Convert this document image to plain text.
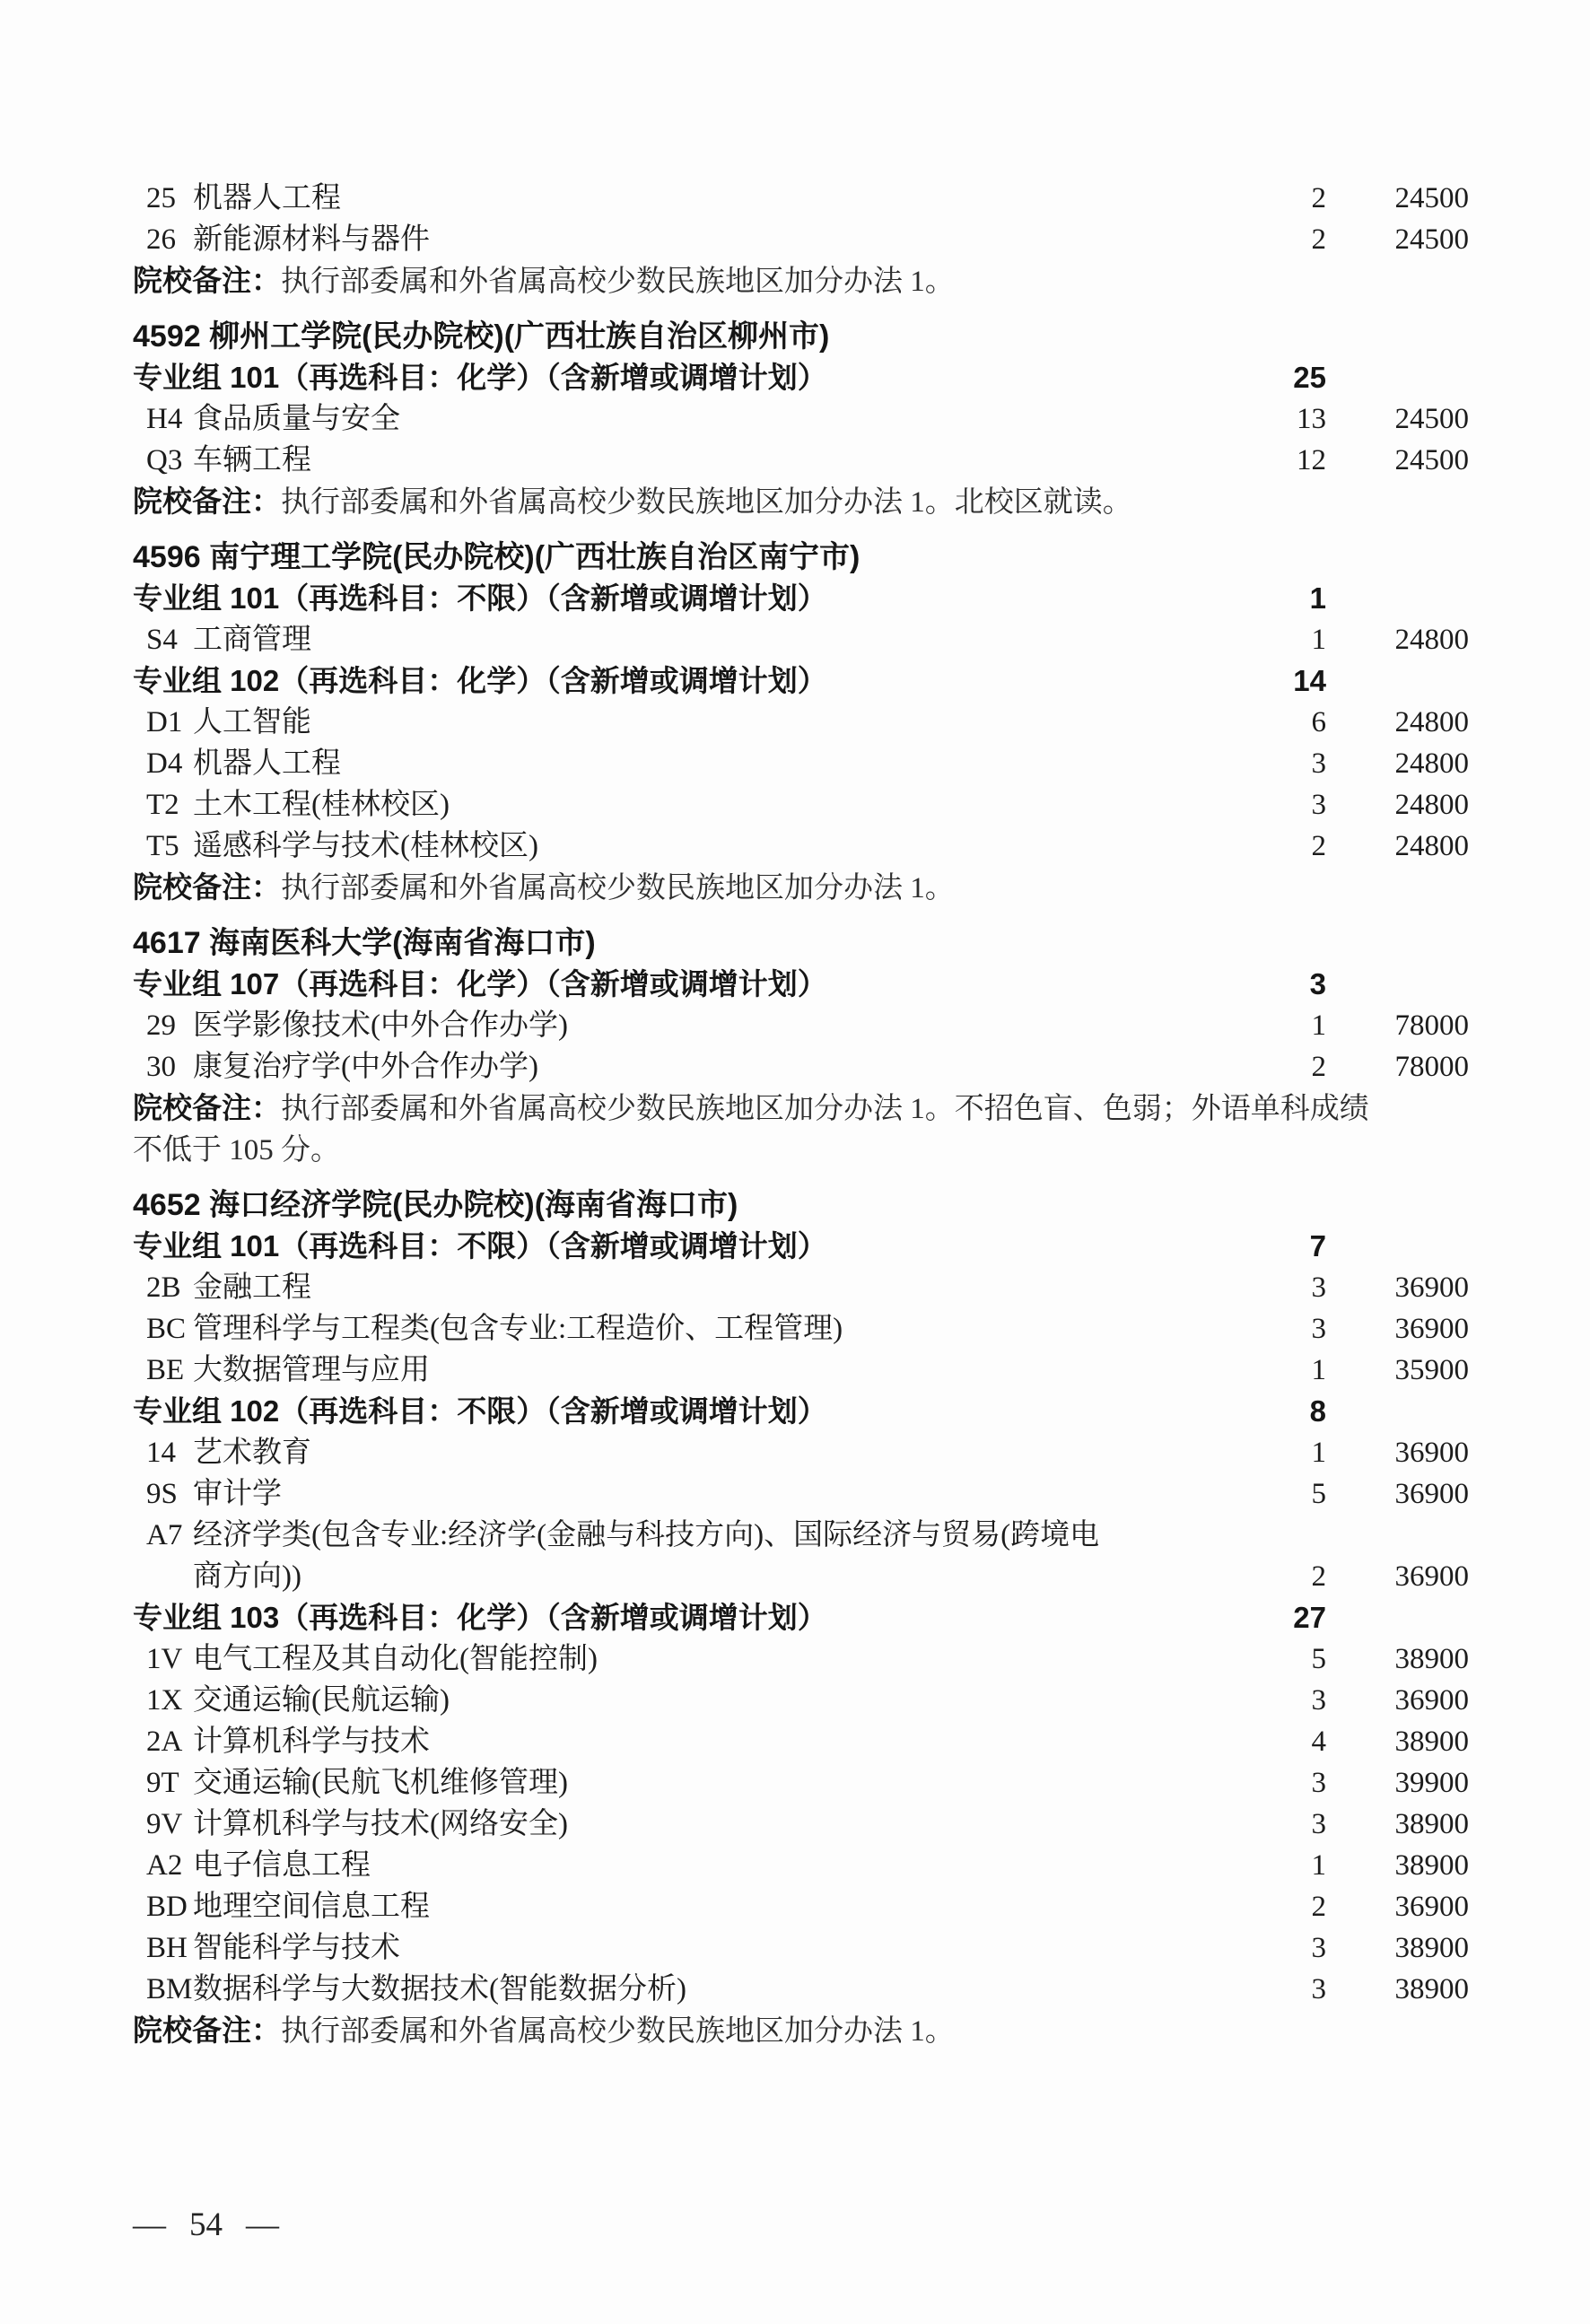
25 机器人工程	2	24500
26 新能源材料与器件	2	24500
院校备注：执行部委属和外省属高校少数民族地区加分办法 1。
4592 柳州工学院(民办院校)(广西壮族自治区柳州市)
专业组 101（再选科目：化学）（含新增或调增计划）	25
H4 食品质量与安全	13	24500
Q3 车辆工程	12	24500
院校备注：执行部委属和外省属高校少数民族地区加分办法 1。北校区就读。
4596 南宁理工学院(民办院校)(广西壮族自治区南宁市)
专业组 101（再选科目：不限）（含新增或调增计划）	1
S4 工商管理	1	24800
专业组 102（再选科目：化学）（含新增或调增计划）	14
D1 人工智能	6	24800
D4 机器人工程	3	24800
T2 土木工程(桂林校区)	3	24800
T5 遥感科学与技术(桂林校区)	2	24800
院校备注：执行部委属和外省属高校少数民族地区加分办法 1。
4617 海南医科大学(海南省海口市)
专业组 107（再选科目：化学）（含新增或调增计划）	3
29 医学影像技术(中外合作办学)	1	78000
30 康复治疗学(中外合作办学)	2	78000
院校备注：执行部委属和外省属高校少数民族地区加分办法 1。不招色盲、色弱；外语单科成绩
不低于 105 分。
4652 海口经济学院(民办院校)(海南省海口市)
专业组 101（再选科目：不限）（含新增或调增计划）	7
2B 金融工程	3	36900
BC 管理科学与工程类(包含专业:工程造价、工程管理)	3	36900
BE 大数据管理与应用	1	35900
专业组 102（再选科目：不限）（含新增或调增计划）	8
14 艺术教育	1	36900
9S 审计学	5	36900
A7 经济学类(包含专业:经济学(金融与科技方向)、国际经济与贸易(跨境电
商方向))	2	36900
专业组 103（再选科目：化学）（含新增或调增计划）	27
1V 电气工程及其自动化(智能控制)	5	38900
1X 交通运输(民航运输)	3	36900
2A 计算机科学与技术	4	38900
9T 交通运输(民航飞机维修管理)	3	39900
9V 计算机科学与技术(网络安全)	3	38900
A2 电子信息工程	1	38900
BD 地理空间信息工程	2	36900
BH 智能科学与技术	3	38900
BM数据科学与大数据技术(智能数据分析)	3	38900
院校备注：执行部委属和外省属高校少数民族地区加分办法 1。
— 54 —
